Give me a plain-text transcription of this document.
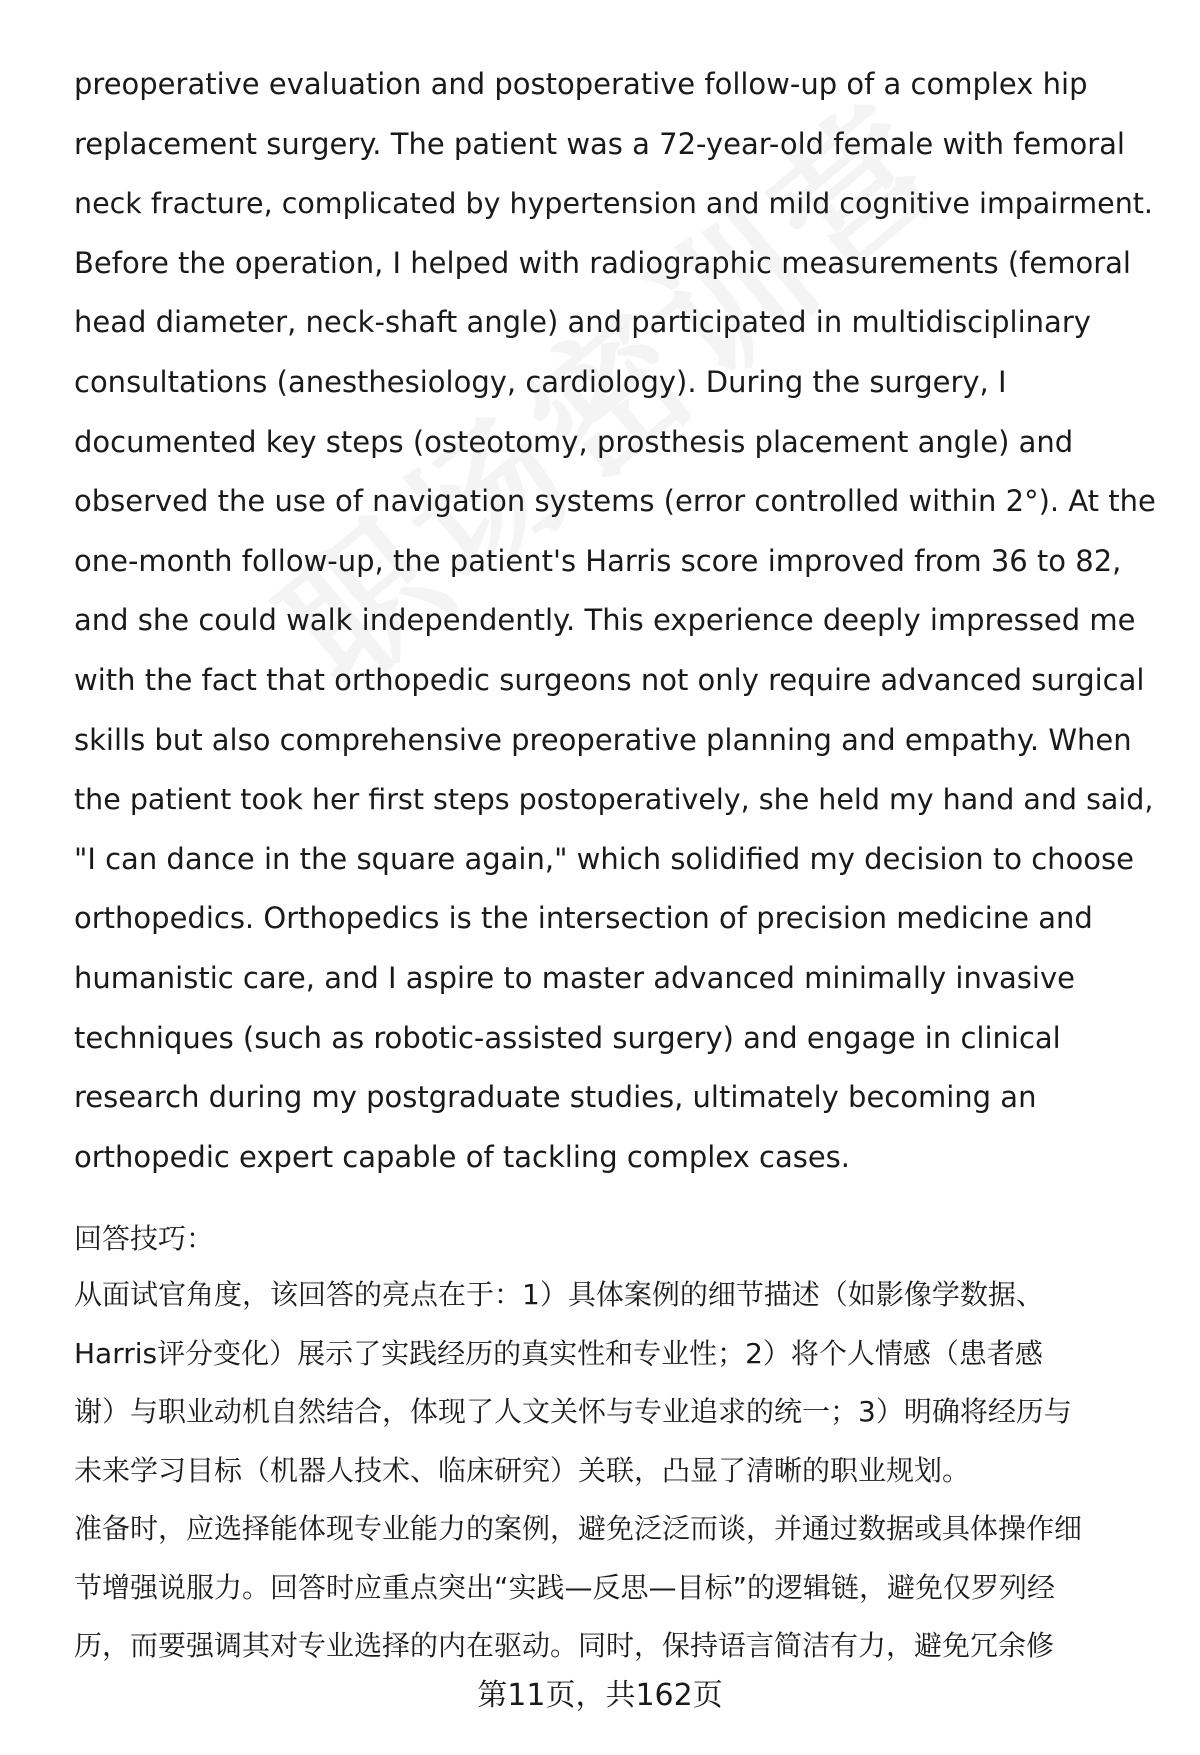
preoperative evaluation and postoperative follow-up of a complex hip
replacement surgery. The patient was a 72-year-old female with femoral
neck fracture, complicated by hypertension and mild cognitive impairment.
Before the operation, I helped with radiographic measurements (femoral
head diameter, neck-shaft angle) and participated in multidisciplinary
consultations (anesthesiology, cardiology). During the surgery, I
documented key steps (osteotomy, prosthesis placement angle) and
observed the use of navigation systems (error controlled within 2°). At the
one-month follow-up, the patient's Harris score improved from 36 to 82,
and she could walk independently. This experience deeply impressed me
with the fact that orthopedic surgeons not only require advanced surgical
skills but also comprehensive preoperative planning and empathy. When
the patient took her first steps postoperatively, she held my hand and said,
"I can dance in the square again," which solidified my decision to choose
orthopedics. Orthopedics is the intersection of precision medicine and
humanistic care, and I aspire to master advanced minimally invasive
techniques (such as robotic-assisted surgery) and engage in clinical
research during my postgraduate studies, ultimately becoming an
orthopedic expert capable of tackling complex cases.
回答技巧：
从面试官角度，该回答的亮点在于：1）具体案例的细节描述（如影像学数据、
Harris评分变化）展示了实践经历的真实性和专业性；2）将个人情感（患者感
谢）与职业动机自然结合，体现了人文关怀与专业追求的统一；3）明确将经历与
未来学习目标（机器人技术、临床研究）关联，凸显了清晰的职业规划。
准备时，应选择能体现专业能力的案例，避免泛泛而谈，并通过数据或具体操作细
节增强说服力。回答时应重点突出“实践—反思—目标”的逻辑链，避免仅罗列经
历，而要强调其对专业选择的内在驱动。同时，保持语言简洁有力，避免冗余修
第11页，共162页
